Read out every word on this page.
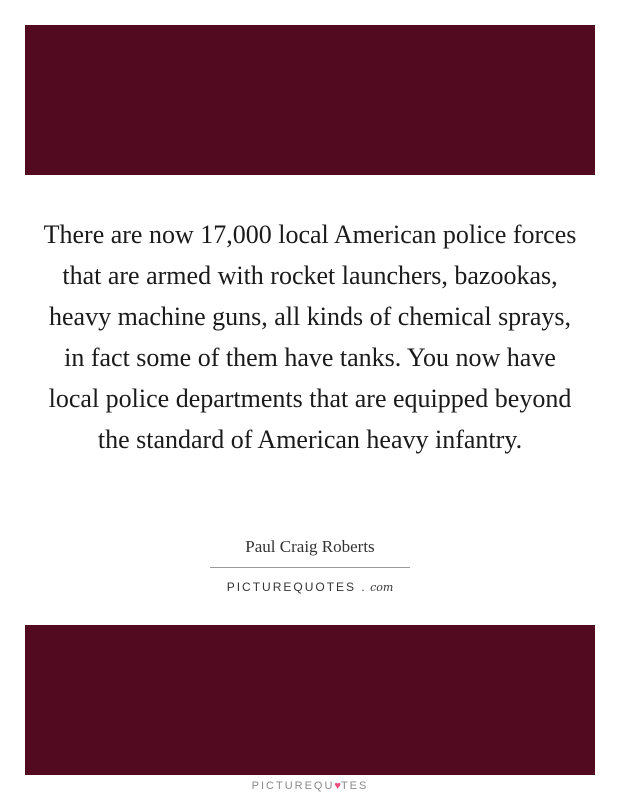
There are now 17,000 local American police forces that are armed with rocket launchers, bazookas, heavy machine guns, all kinds of chemical sprays, in fact some of them have tanks. You now have local police departments that are equipped beyond the standard of American heavy infantry.

Paul Craig Roberts
PICTUREQUOTES . com
PICTUREQU♥TES
